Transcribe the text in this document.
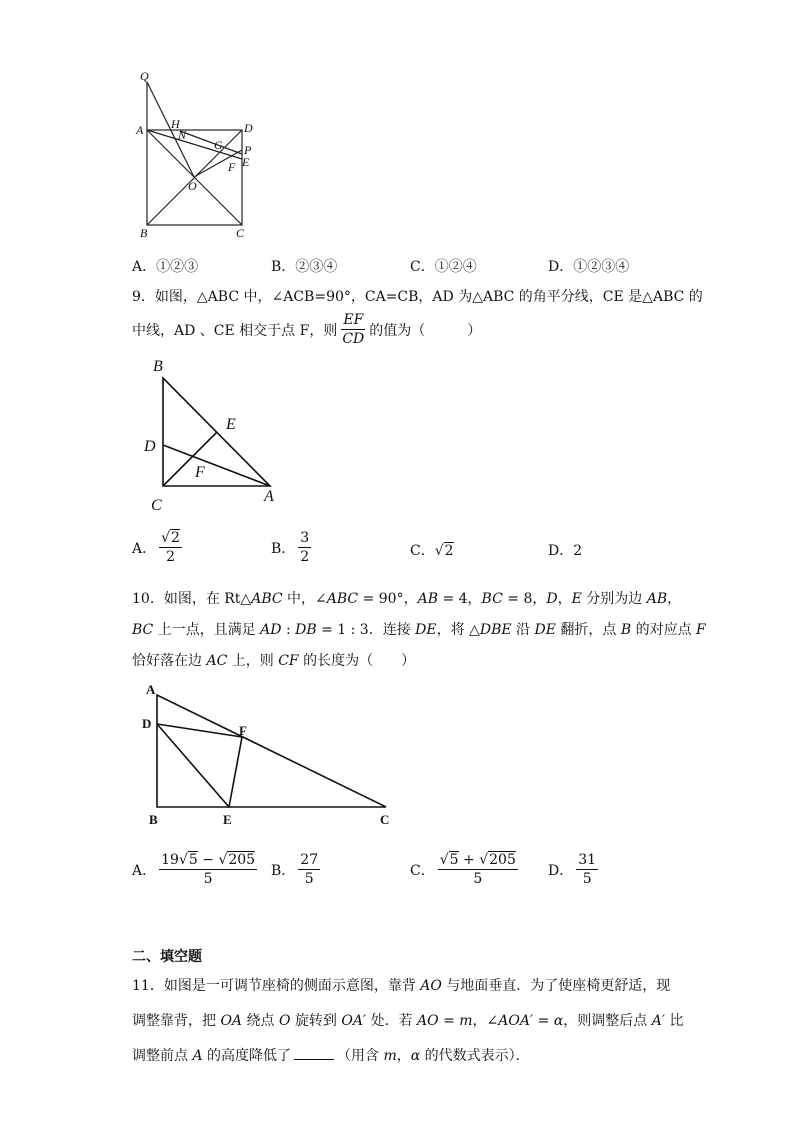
Q
A H
N	D
G P
F E
O
B	C
A．①②③	B．②③④	C．①②④	D．①②③④
9．如图，△ABC 中，∠ACB=90°，CA=CB，AD 为△ABC 的角平分线，CE 是△ABC 的
中线，AD 、CE 相交于点 F，则 $\frac{EF}{CD}$ 的值为（　　　）
B
E
D
F
C
A
A． $\frac{√2}{2}$	B． $\frac{3}{2}$	C．√2	D．2
10．如图，在 Rt△ABC 中，∠ABC = 90°，AB = 4，BC = 8，D，E 分别为边 AB，
BC 上一点，且满足 AD : DB = 1 : 3．连接 DE，将 △DBE 沿 DE 翻折，点 B 的对应点 F
恰好落在边 AC 上，则 CF 的长度为（　　）
A
D	F
B	E	C
A． $\frac{19√5 - √205}{5}$ B． $\frac{27}{5}$	C． $\frac{√5 + √205}{5}$ D． $\frac{31}{5}$
二、填空题
11．如图是一可调节座椅的侧面示意图，靠背 AO 与地面垂直．为了使座椅更舒适，现
调整靠背，把 OA 绕点 O 旋转到 OA′ 处．若 AO = m，∠AOA′ = α，则调整后点 A′ 比
调整前点 A 的高度降低了	（用含 m，α 的代数式表示）．
